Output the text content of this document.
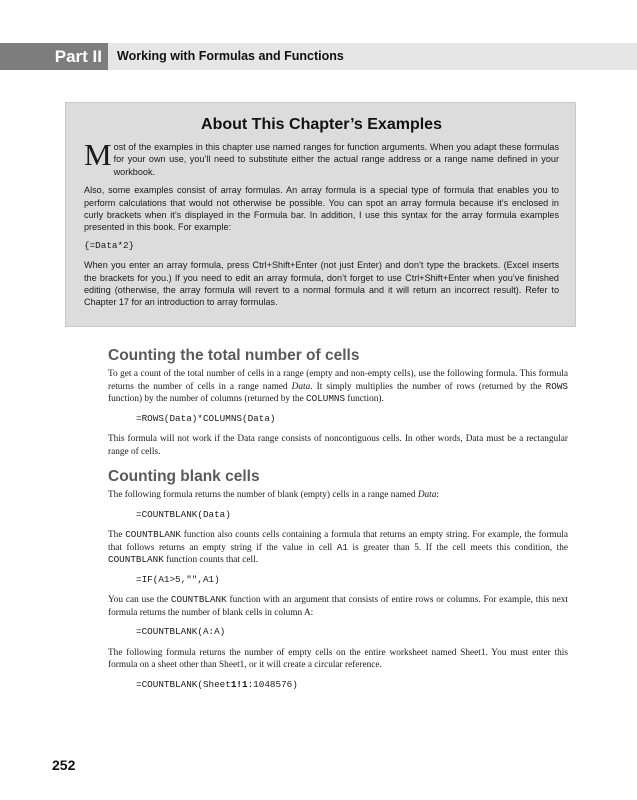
Part II	Working with Formulas and Functions
About This Chapter’s Examples

Most of the examples in this chapter use named ranges for function arguments. When you adapt these formulas for your own use, you’ll need to substitute either the actual range address or a range name defined in your workbook.

Also, some examples consist of array formulas. An array formula is a special type of formula that enables you to perform calculations that would not otherwise be possible. You can spot an array formula because it’s enclosed in curly brackets when it’s displayed in the Formula bar. In addition, I use this syntax for the array formula examples presented in this book. For example:

{=Data*2}

When you enter an array formula, press Ctrl+Shift+Enter (not just Enter) and don’t type the brackets. (Excel inserts the brackets for you.) If you need to edit an array formula, don’t forget to use Ctrl+Shift+Enter when you’ve finished editing (otherwise, the array formula will revert to a normal formula and it will return an incorrect result). Refer to Chapter 17 for an introduction to array formulas.

Counting the total number of cells

To get a count of the total number of cells in a range (empty and non-empty cells), use the following formula. This formula returns the number of cells in a range named Data. It simply multiplies the number of rows (returned by the ROWS function) by the number of columns (returned by the COLUMNS function).

=ROWS(Data)*COLUMNS(Data)

This formula will not work if the Data range consists of noncontiguous cells. In other words, Data must be a rectangular range of cells.

Counting blank cells

The following formula returns the number of blank (empty) cells in a range named Data:

=COUNTBLANK(Data)

The COUNTBLANK function also counts cells containing a formula that returns an empty string. For example, the formula that follows returns an empty string if the value in cell A1 is greater than 5. If the cell meets this condition, the COUNTBLANK function counts that cell.

=IF(A1>5,"",A1)

You can use the COUNTBLANK function with an argument that consists of entire rows or columns. For example, this next formula returns the number of blank cells in column A:

=COUNTBLANK(A:A)

The following formula returns the number of empty cells on the entire worksheet named Sheet1. You must enter this formula on a sheet other than Sheet1, or it will create a circular reference.

=COUNTBLANK(Sheet1!1:1048576)
252
